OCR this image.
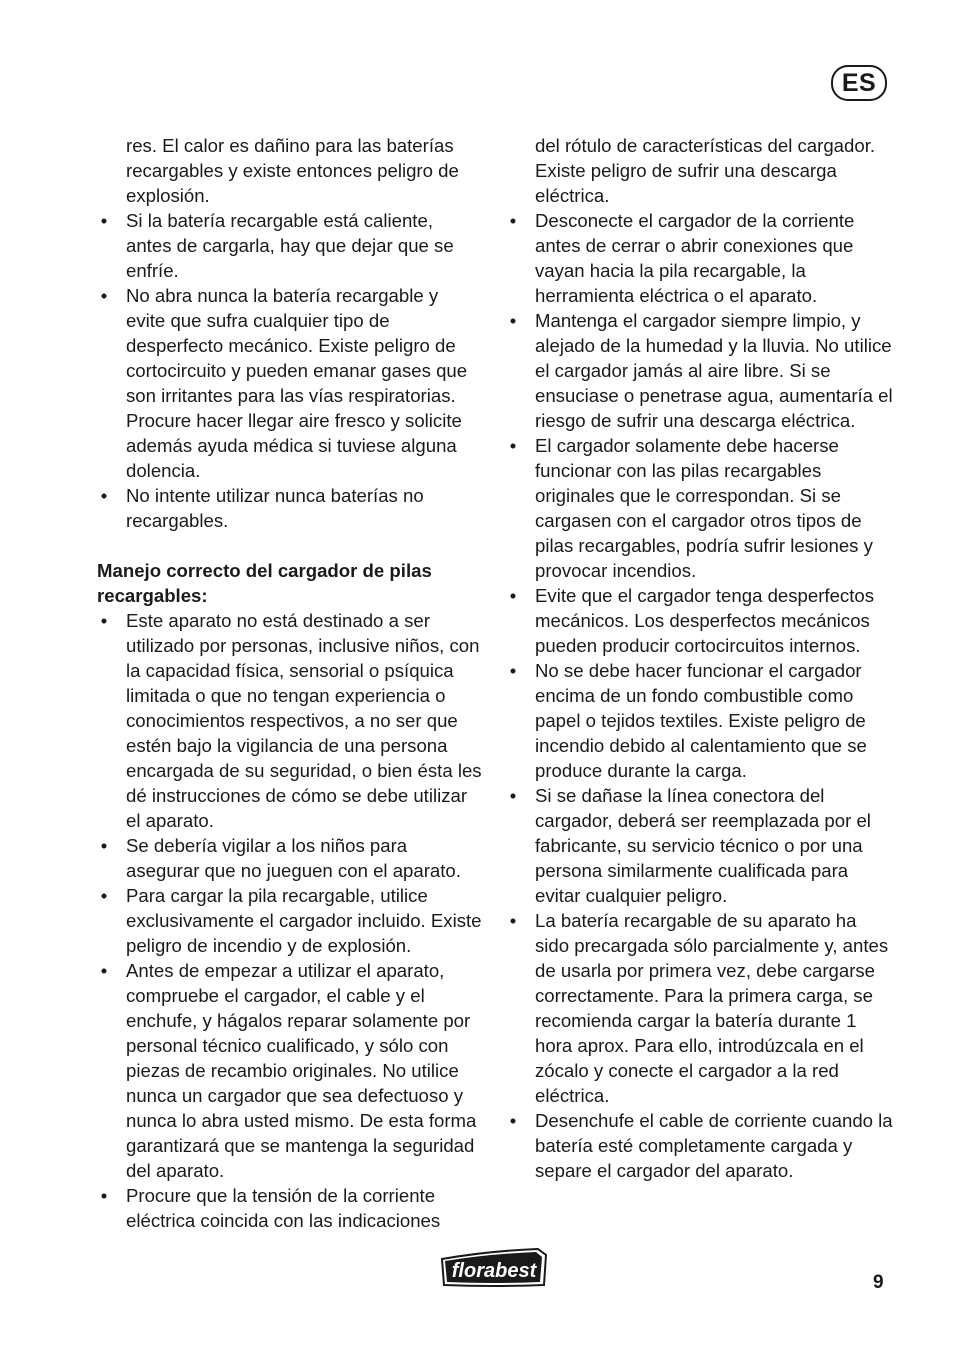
ES

res. El calor es dañino para las baterías recargables y existe entonces peligro de explosión.

• Si la batería recargable está caliente, antes de cargarla, hay que dejar que se enfríe.
• No abra nunca la batería recargable y evite que sufra cualquier tipo de desperfecto mecánico. Existe peligro de cortocircuito y pueden emanar gases que son irritantes para las vías respiratorias. Procure hacer llegar aire fresco y solicite además ayuda médica si tuviese alguna dolencia.
• No intente utilizar nunca baterías no recargables.

Manejo correcto del cargador de pilas recargables:

• Este aparato no está destinado a ser utilizado por personas, inclusive niños, con la capacidad física, sensorial o psíquica limitada o que no tengan experiencia o conocimientos respectivos, a no ser que estén bajo la vigilancia de una persona encargada de su seguridad, o bien ésta les dé instrucciones de cómo se debe utilizar el aparato.
• Se debería vigilar a los niños para asegurar que no jueguen con el aparato.
• Para cargar la pila recargable, utilice exclusivamente el cargador incluido. Existe peligro de incendio y de explosión.
• Antes de empezar a utilizar el aparato, compruebe el cargador, el cable y el enchufe, y hágalos reparar solamente por personal técnico cualificado, y sólo con piezas de recambio originales. No utilice nunca un cargador que sea defectuoso y nunca lo abra usted mismo. De esta forma garantizará que se mantenga la seguridad del aparato.
• Procure que la tensión de la corriente eléctrica coincida con las indicaciones

del rótulo de características del cargador. Existe peligro de sufrir una descarga eléctrica.

• Desconecte el cargador de la corriente antes de cerrar o abrir conexiones que vayan hacia la pila recargable, la herramienta eléctrica o el aparato.
• Mantenga el cargador siempre limpio, y alejado de la humedad y la lluvia. No utilice el cargador jamás al aire libre. Si se ensuciase o penetrase agua, aumentaría el riesgo de sufrir una descarga eléctrica.
• El cargador solamente debe hacerse funcionar con las pilas recargables originales que le correspondan. Si se cargasen con el cargador otros tipos de pilas recargables, podría sufrir lesiones y provocar incendios.
• Evite que el cargador tenga desperfectos mecánicos. Los desperfectos mecánicos pueden producir cortocircuitos internos.
• No se debe hacer funcionar el cargador encima de un fondo combustible como papel o tejidos textiles. Existe peligro de incendio debido al calentamiento que se produce durante la carga.
• Si se dañase la línea conectora del cargador, deberá ser reemplazada por el fabricante, su servicio técnico o por una persona similarmente cualificada para evitar cualquier peligro.
• La batería recargable de su aparato ha sido precargada sólo parcialmente y, antes de usarla por primera vez, debe cargarse correctamente. Para la primera carga, se recomienda cargar la batería durante 1 hora aprox. Para ello, introdúzcala en el zócalo y conecte el cargador a la red eléctrica.
• Desenchufe el cable de corriente cuando la batería esté completamente cargada y separe el cargador del aparato.
florabest
9
